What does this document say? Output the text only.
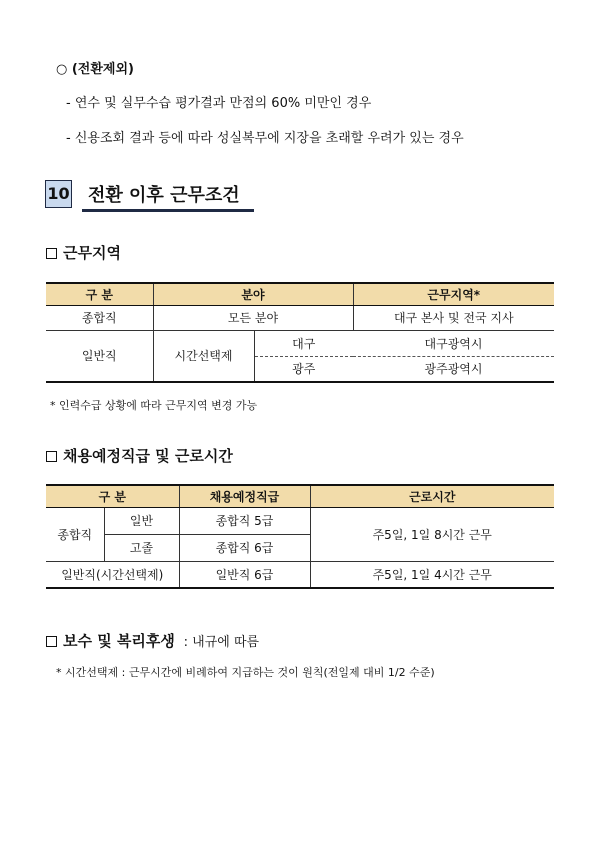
○ (전환제외)
- 연수 및 실무수습 평가결과 만점의 60% 미만인 경우
- 신용조회 결과 등에 따라 성실복무에 지장을 초래할 우려가 있는 경우
10 전환 이후 근무조건
근무지역
구 분	분야		근무지역*
종합직	모든 분야		대구 본사 및 전국 지사
일반직	시간선택제	대구	대구광역시
		광주	광주광역시
* 인력수급 상황에 따라 근무지역 변경 가능
채용예정직급 및 근로시간
구 분		채용예정직급	근로시간
종합직	일반	종합직 5급	주5일, 1일 8시간 근무
	고졸	종합직 6급	
일반직(시간선택제)		일반직 6급	주5일, 1일 4시간 근무
보수 및 복리후생 : 내규에 따름
* 시간선택제 : 근무시간에 비례하여 지급하는 것이 원칙(전일제 대비 1/2 수준)
